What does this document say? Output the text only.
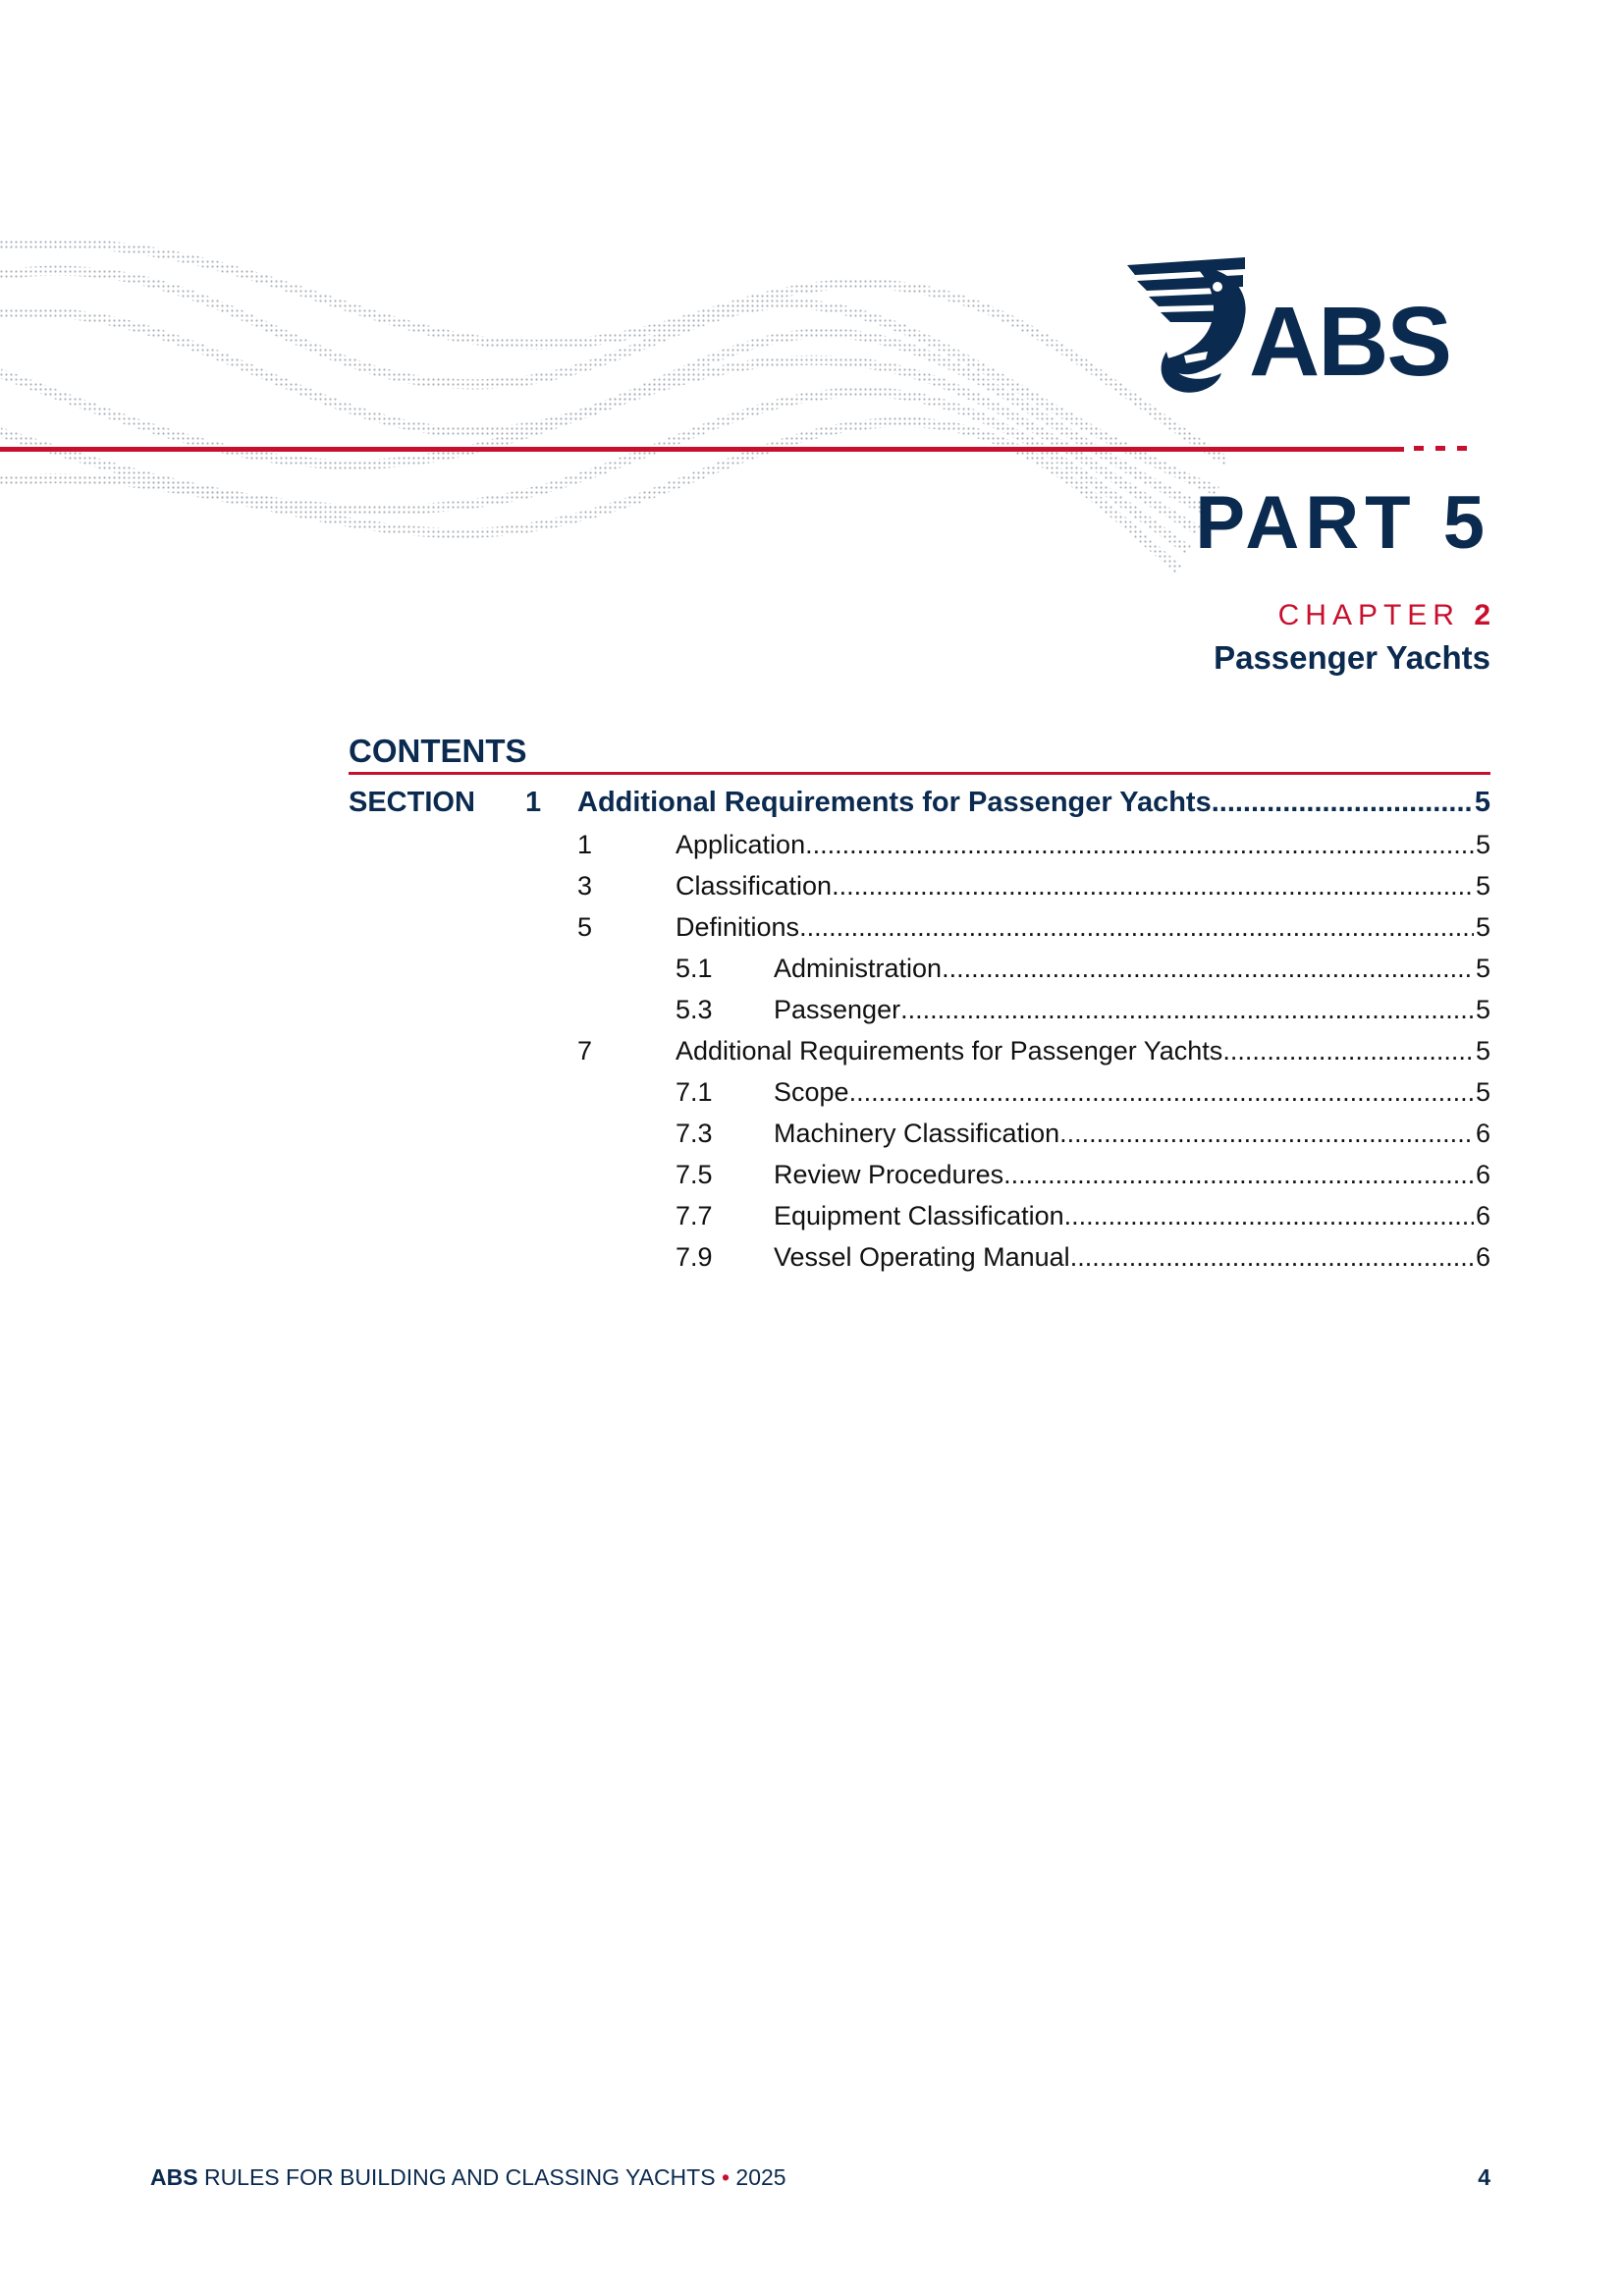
ABS
PART 5
CHAPTER 2
Passenger Yachts
CONTENTS
SECTION 1 Additional Requirements for Passenger Yachts .....	5
1	Application .....	5
3	Classification .....	5
5	Definitions .....	5
5.1 Administration .....	5
5.3 Passenger .....	5
7	Additional Requirements for Passenger Yachts .....	5
7.1 Scope .....	5
7.3 Machinery Classification .....	6
7.5 Review Procedures .....	6
7.7 Equipment Classification .....	6
7.9 Vessel Operating Manual .....	6
ABS RULES FOR BUILDING AND CLASSING YACHTS • 2025	4
